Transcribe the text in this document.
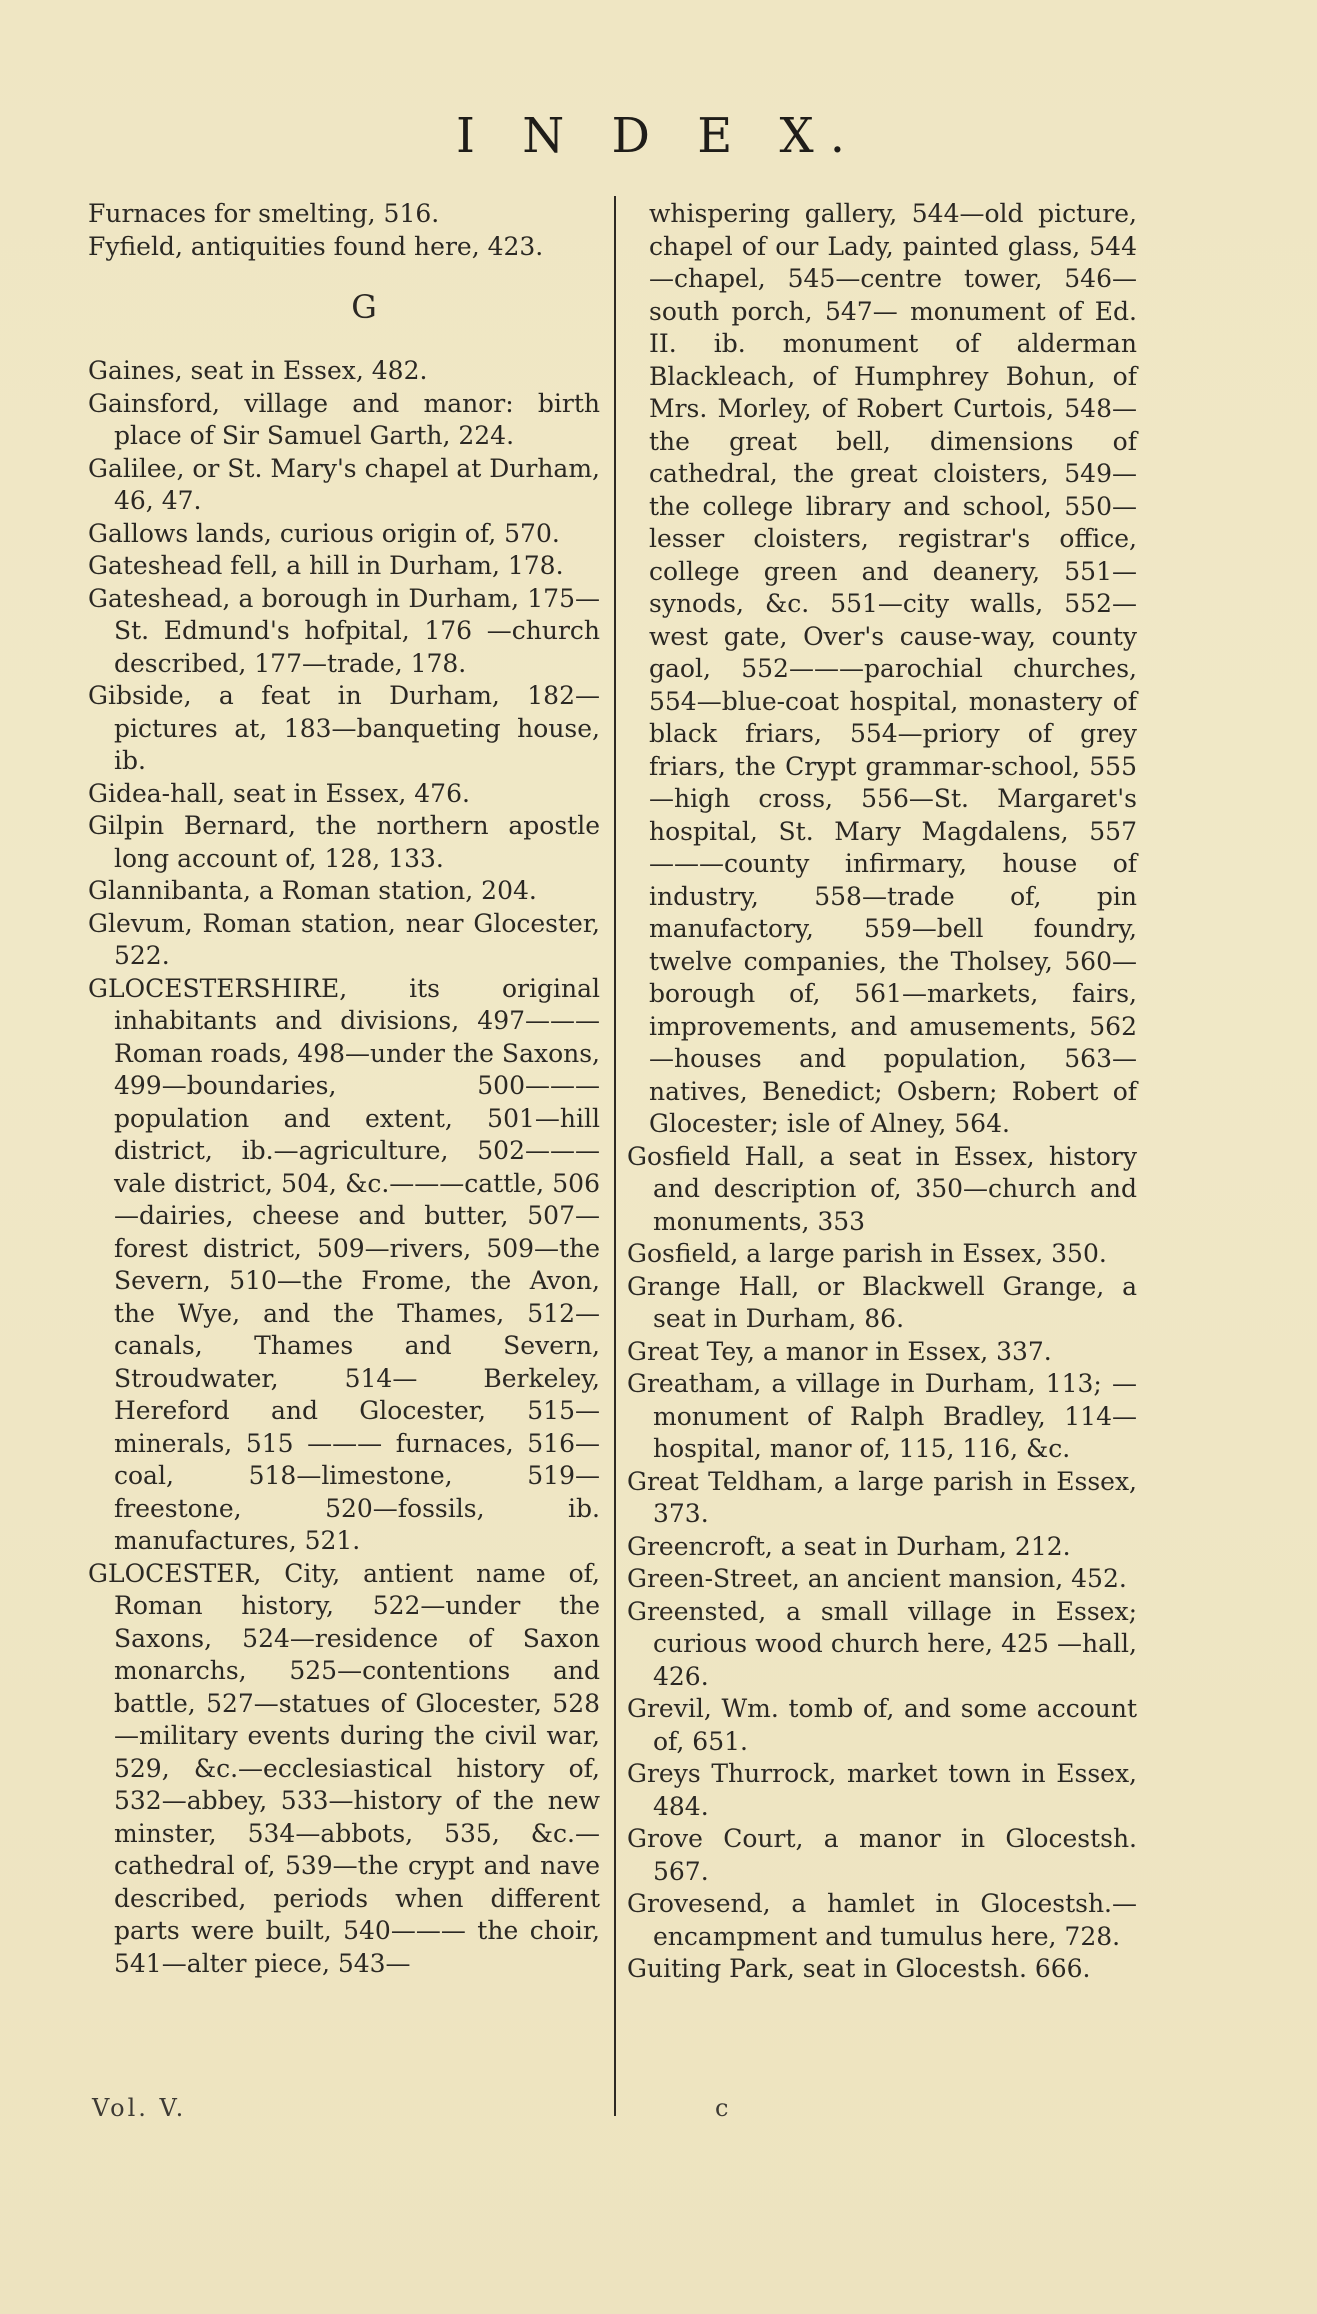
I N D E X.

Furnaces for smelting, 516.

Fyfield, antiquities found here, 423.

G

Gaines, seat in Essex, 482.

Gainsford, village and manor: birth place of Sir Samuel Garth, 224.

Galilee, or St. Mary's chapel at Durham, 46, 47.

Gallows lands, curious origin of, 570.

Gateshead fell, a hill in Durham, 178.

Gateshead, a borough in Durham, 175—St. Edmund's hofpital, 176 —church described, 177—trade, 178.

Gibside, a feat in Durham, 182—pictures at, 183—banqueting house, ib.

Gidea-hall, seat in Essex, 476.

Gilpin Bernard, the northern apostle long account of, 128, 133.

Glannibanta, a Roman station, 204.

Glevum, Roman station, near Glocester, 522.

GLOCESTERSHIRE, its original inhabitants and divisions, 497——— Roman roads, 498—under the Saxons, 499—boundaries, 500——— population and extent, 501—hill district, ib.—agriculture, 502——— vale district, 504, &c.———cattle, 506—dairies, cheese and butter, 507—forest district, 509—rivers, 509—the Severn, 510—the Frome, the Avon, the Wye, and the Thames, 512—canals, Thames and Severn, Stroudwater, 514— Berkeley, Hereford and Glocester, 515—minerals, 515 ——— furnaces, 516—coal, 518—limestone, 519— freestone, 520—fossils, ib. manufactures, 521.

GLOCESTER, City, antient name of, Roman history, 522—under the Saxons, 524—residence of Saxon monarchs, 525—contentions and battle, 527—statues of Glocester, 528—military events during the civil war, 529, &c.—ecclesiastical history of, 532—abbey, 533—history of the new minster, 534—abbots, 535, &c.—cathedral of, 539—the crypt and nave described, periods when different parts were built, 540——— the choir, 541—alter piece, 543—

whispering gallery, 544—old picture, chapel of our Lady, painted glass, 544—chapel, 545—centre tower, 546—south porch, 547— monument of Ed. II. ib. monument of alderman Blackleach, of Humphrey Bohun, of Mrs. Morley, of Robert Curtois, 548—the great bell, dimensions of cathedral, the great cloisters, 549—the college library and school, 550—lesser cloisters, registrar's office, college green and deanery, 551—synods, &c. 551—city walls, 552—west gate, Over's cause-way, county gaol, 552———parochial churches, 554—blue-coat hospital, monastery of black friars, 554—priory of grey friars, the Crypt grammar-school, 555—high cross, 556—St. Margaret's hospital, St. Mary Magdalens, 557———county infirmary, house of industry, 558—trade of, pin manufactory, 559—bell foundry, twelve companies, the Tholsey, 560—borough of, 561—markets, fairs, improvements, and amusements, 562—houses and population, 563—natives, Benedict; Osbern; Robert of Glocester; isle of Alney, 564.

Gosfield Hall, a seat in Essex, history and description of, 350—church and monuments, 353

Gosfield, a large parish in Essex, 350.

Grange Hall, or Blackwell Grange, a seat in Durham, 86.

Great Tey, a manor in Essex, 337.

Greatham, a village in Durham, 113; —monument of Ralph Bradley, 114—hospital, manor of, 115, 116, &c.

Great Teldham, a large parish in Essex, 373.

Greencroft, a seat in Durham, 212.

Green-Street, an ancient mansion, 452.

Greensted, a small village in Essex; curious wood church here, 425 —hall, 426.

Grevil, Wm. tomb of, and some account of, 651.

Greys Thurrock, market town in Essex, 484.

Grove Court, a manor in Glocestsh. 567.

Grovesend, a hamlet in Glocestsh.— encampment and tumulus here, 728.

Guiting Park, seat in Glocestsh. 666.

Vol. V.	c
